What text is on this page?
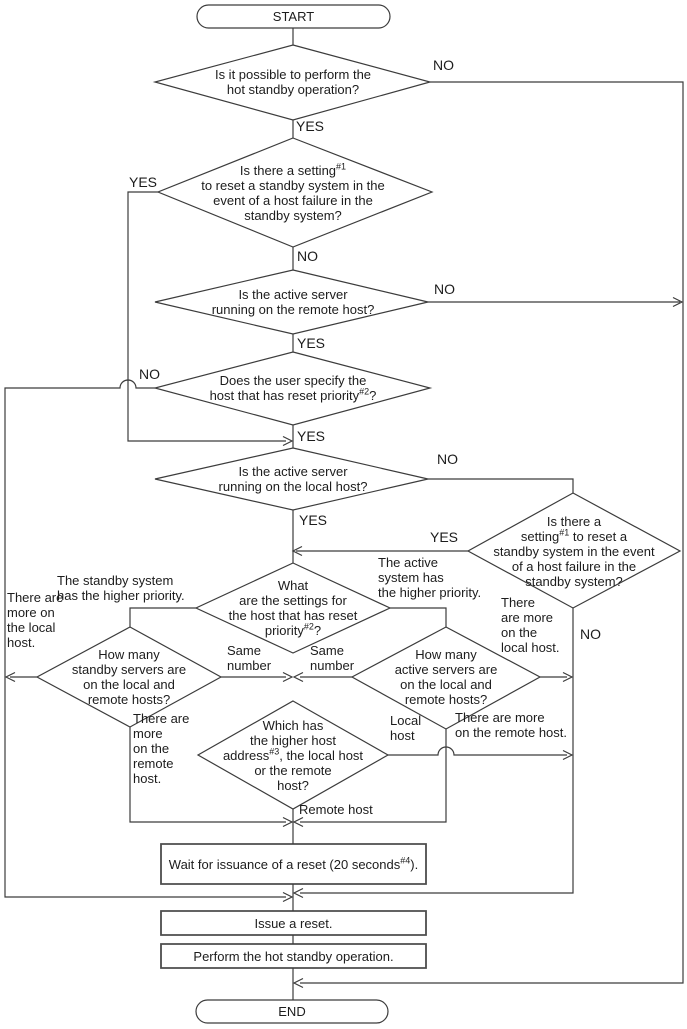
START
END
Is it possible to perform the
hot standby operation?
Is there a setting$^{\#1}$
to reset a standby system in the
event of a host failure in the
standby system?
Is the active server
running on the remote host?
Does the user specify the
host that has reset priority$^{\#2}$?
Is the active server
running on the local host?
Is there a
setting$^{\#1}$ to reset a
standby system in the event
of a host failure in the
standby system?
What
are the settings for
the host that has reset
priority$^{\#2}$?
How many
standby servers are
on the local and
remote hosts?
How many
active servers are
on the local and
remote hosts?
Which has
the higher host
address$^{\#3}$, the local host
or the remote
host?
Wait for issuance of a reset (20 seconds$^{\#4}$).
Issue a reset.
Perform the hot standby operation.
NO
YES
YES
NO
NO
YES
NO
YES
NO
YES
YES
NO
The standby system
has the higher priority.
The active
system has
the higher priority.
There are
more on
the local
host.
Same
number
There are
more
on the
remote
host.
Same
number
There
are more
on the
local host.
There are more
on the remote host.
Local
host
Remote host
